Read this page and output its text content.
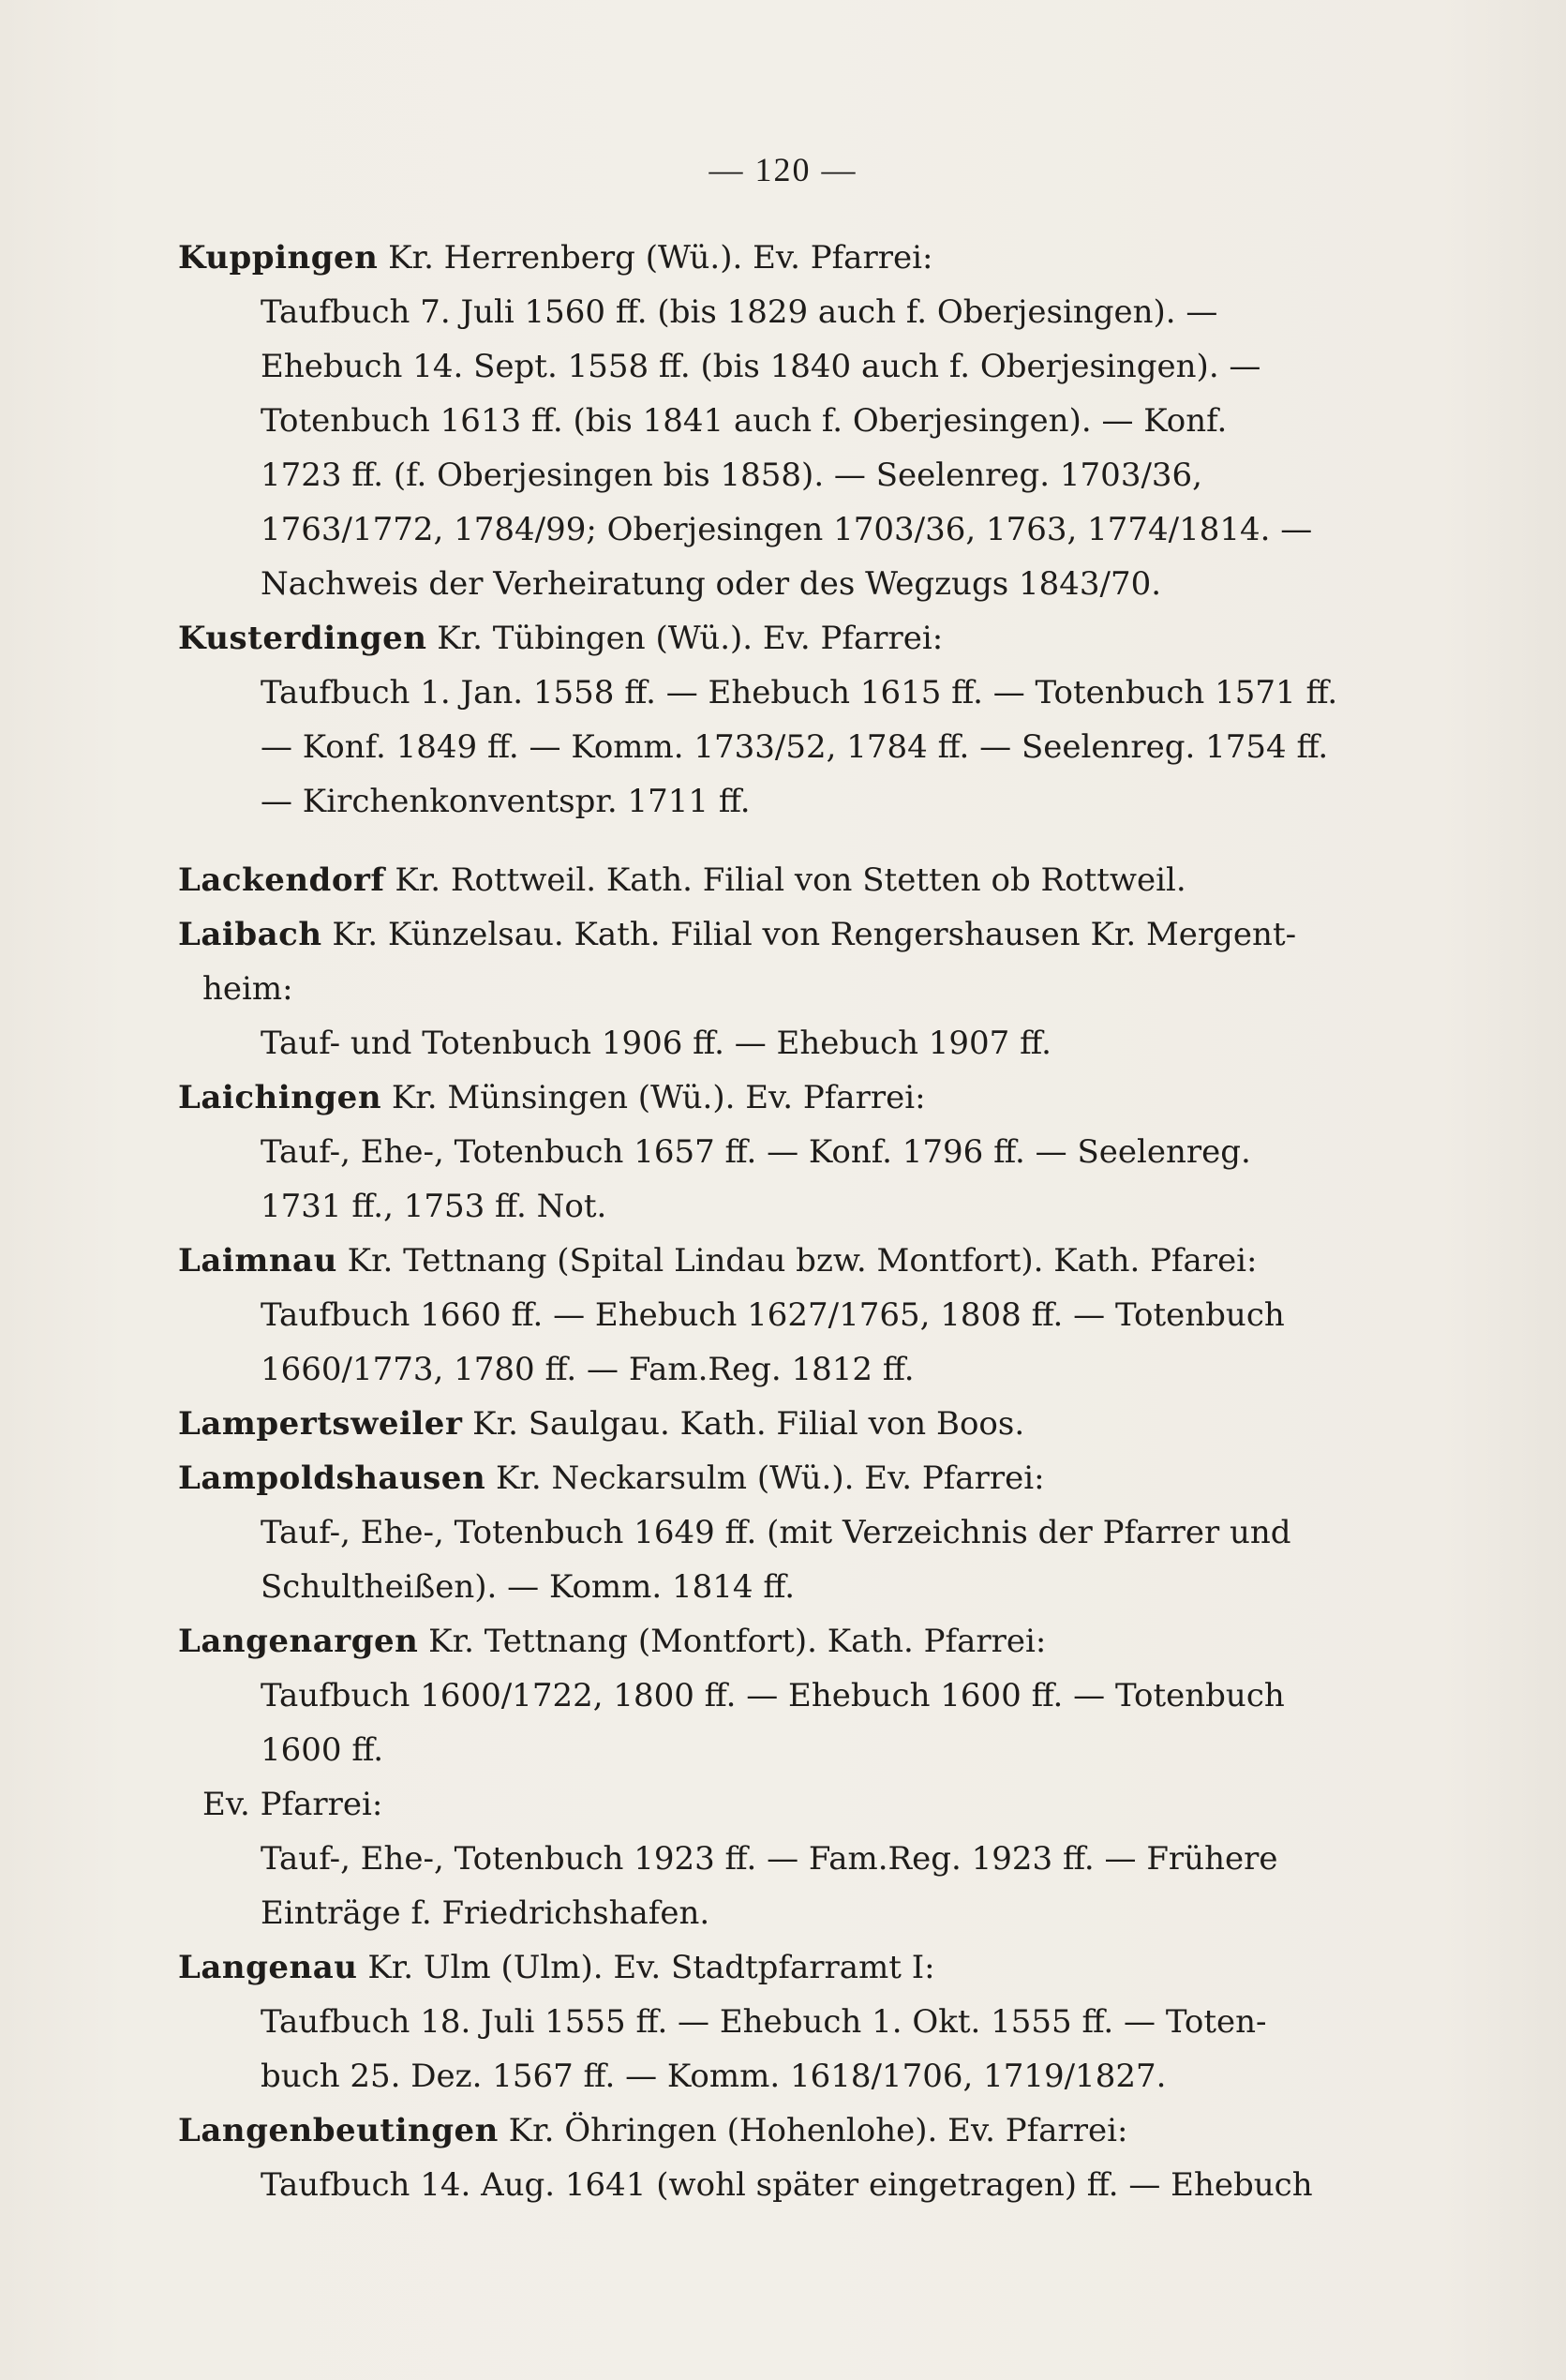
— 120 —
Kuppingen Kr. Herrenberg (Wü.). Ev. Pfarrei:
Taufbuch 7. Juli 1560 ff. (bis 1829 auch f. Oberjesingen). —
Ehebuch 14. Sept. 1558 ff. (bis 1840 auch f. Oberjesingen). —
Totenbuch 1613 ff. (bis 1841 auch f. Oberjesingen). — Konf.
1723 ff. (f. Oberjesingen bis 1858). — Seelenreg. 1703/36,
1763/1772, 1784/99; Oberjesingen 1703/36, 1763, 1774/1814. —
Nachweis der Verheiratung oder des Wegzugs 1843/70.
Kusterdingen Kr. Tübingen (Wü.). Ev. Pfarrei:
Taufbuch 1. Jan. 1558 ff. — Ehebuch 1615 ff. — Totenbuch 1571 ff.
— Konf. 1849 ff. — Komm. 1733/52, 1784 ff. — Seelenreg. 1754 ff.
— Kirchenkonventspr. 1711 ff.
Lackendorf Kr. Rottweil. Kath. Filial von Stetten ob Rottweil.
Laibach Kr. Künzelsau. Kath. Filial von Rengershausen Kr. Mergent-
heim:
Tauf- und Totenbuch 1906 ff. — Ehebuch 1907 ff.
Laichingen Kr. Münsingen (Wü.). Ev. Pfarrei:
Tauf-, Ehe-, Totenbuch 1657 ff. — Konf. 1796 ff. — Seelenreg.
1731 ff., 1753 ff. Not.
Laimnau Kr. Tettnang (Spital Lindau bzw. Montfort). Kath. Pfarei:
Taufbuch 1660 ff. — Ehebuch 1627/1765, 1808 ff. — Totenbuch
1660/1773, 1780 ff. — Fam.Reg. 1812 ff.
Lampertsweiler Kr. Saulgau. Kath. Filial von Boos.
Lampoldshausen Kr. Neckarsulm (Wü.). Ev. Pfarrei:
Tauf-, Ehe-, Totenbuch 1649 ff. (mit Verzeichnis der Pfarrer und
Schultheißen). — Komm. 1814 ff.
Langenargen Kr. Tettnang (Montfort). Kath. Pfarrei:
Taufbuch 1600/1722, 1800 ff. — Ehebuch 1600 ff. — Totenbuch
1600 ff.
Ev. Pfarrei:
Tauf-, Ehe-, Totenbuch 1923 ff. — Fam.Reg. 1923 ff. — Frühere
Einträge f. Friedrichshafen.
Langenau Kr. Ulm (Ulm). Ev. Stadtpfarramt I:
Taufbuch 18. Juli 1555 ff. — Ehebuch 1. Okt. 1555 ff. — Toten-
buch 25. Dez. 1567 ff. — Komm. 1618/1706, 1719/1827.
Langenbeutingen Kr. Öhringen (Hohenlohe). Ev. Pfarrei:
Taufbuch 14. Aug. 1641 (wohl später eingetragen) ff. — Ehebuch
